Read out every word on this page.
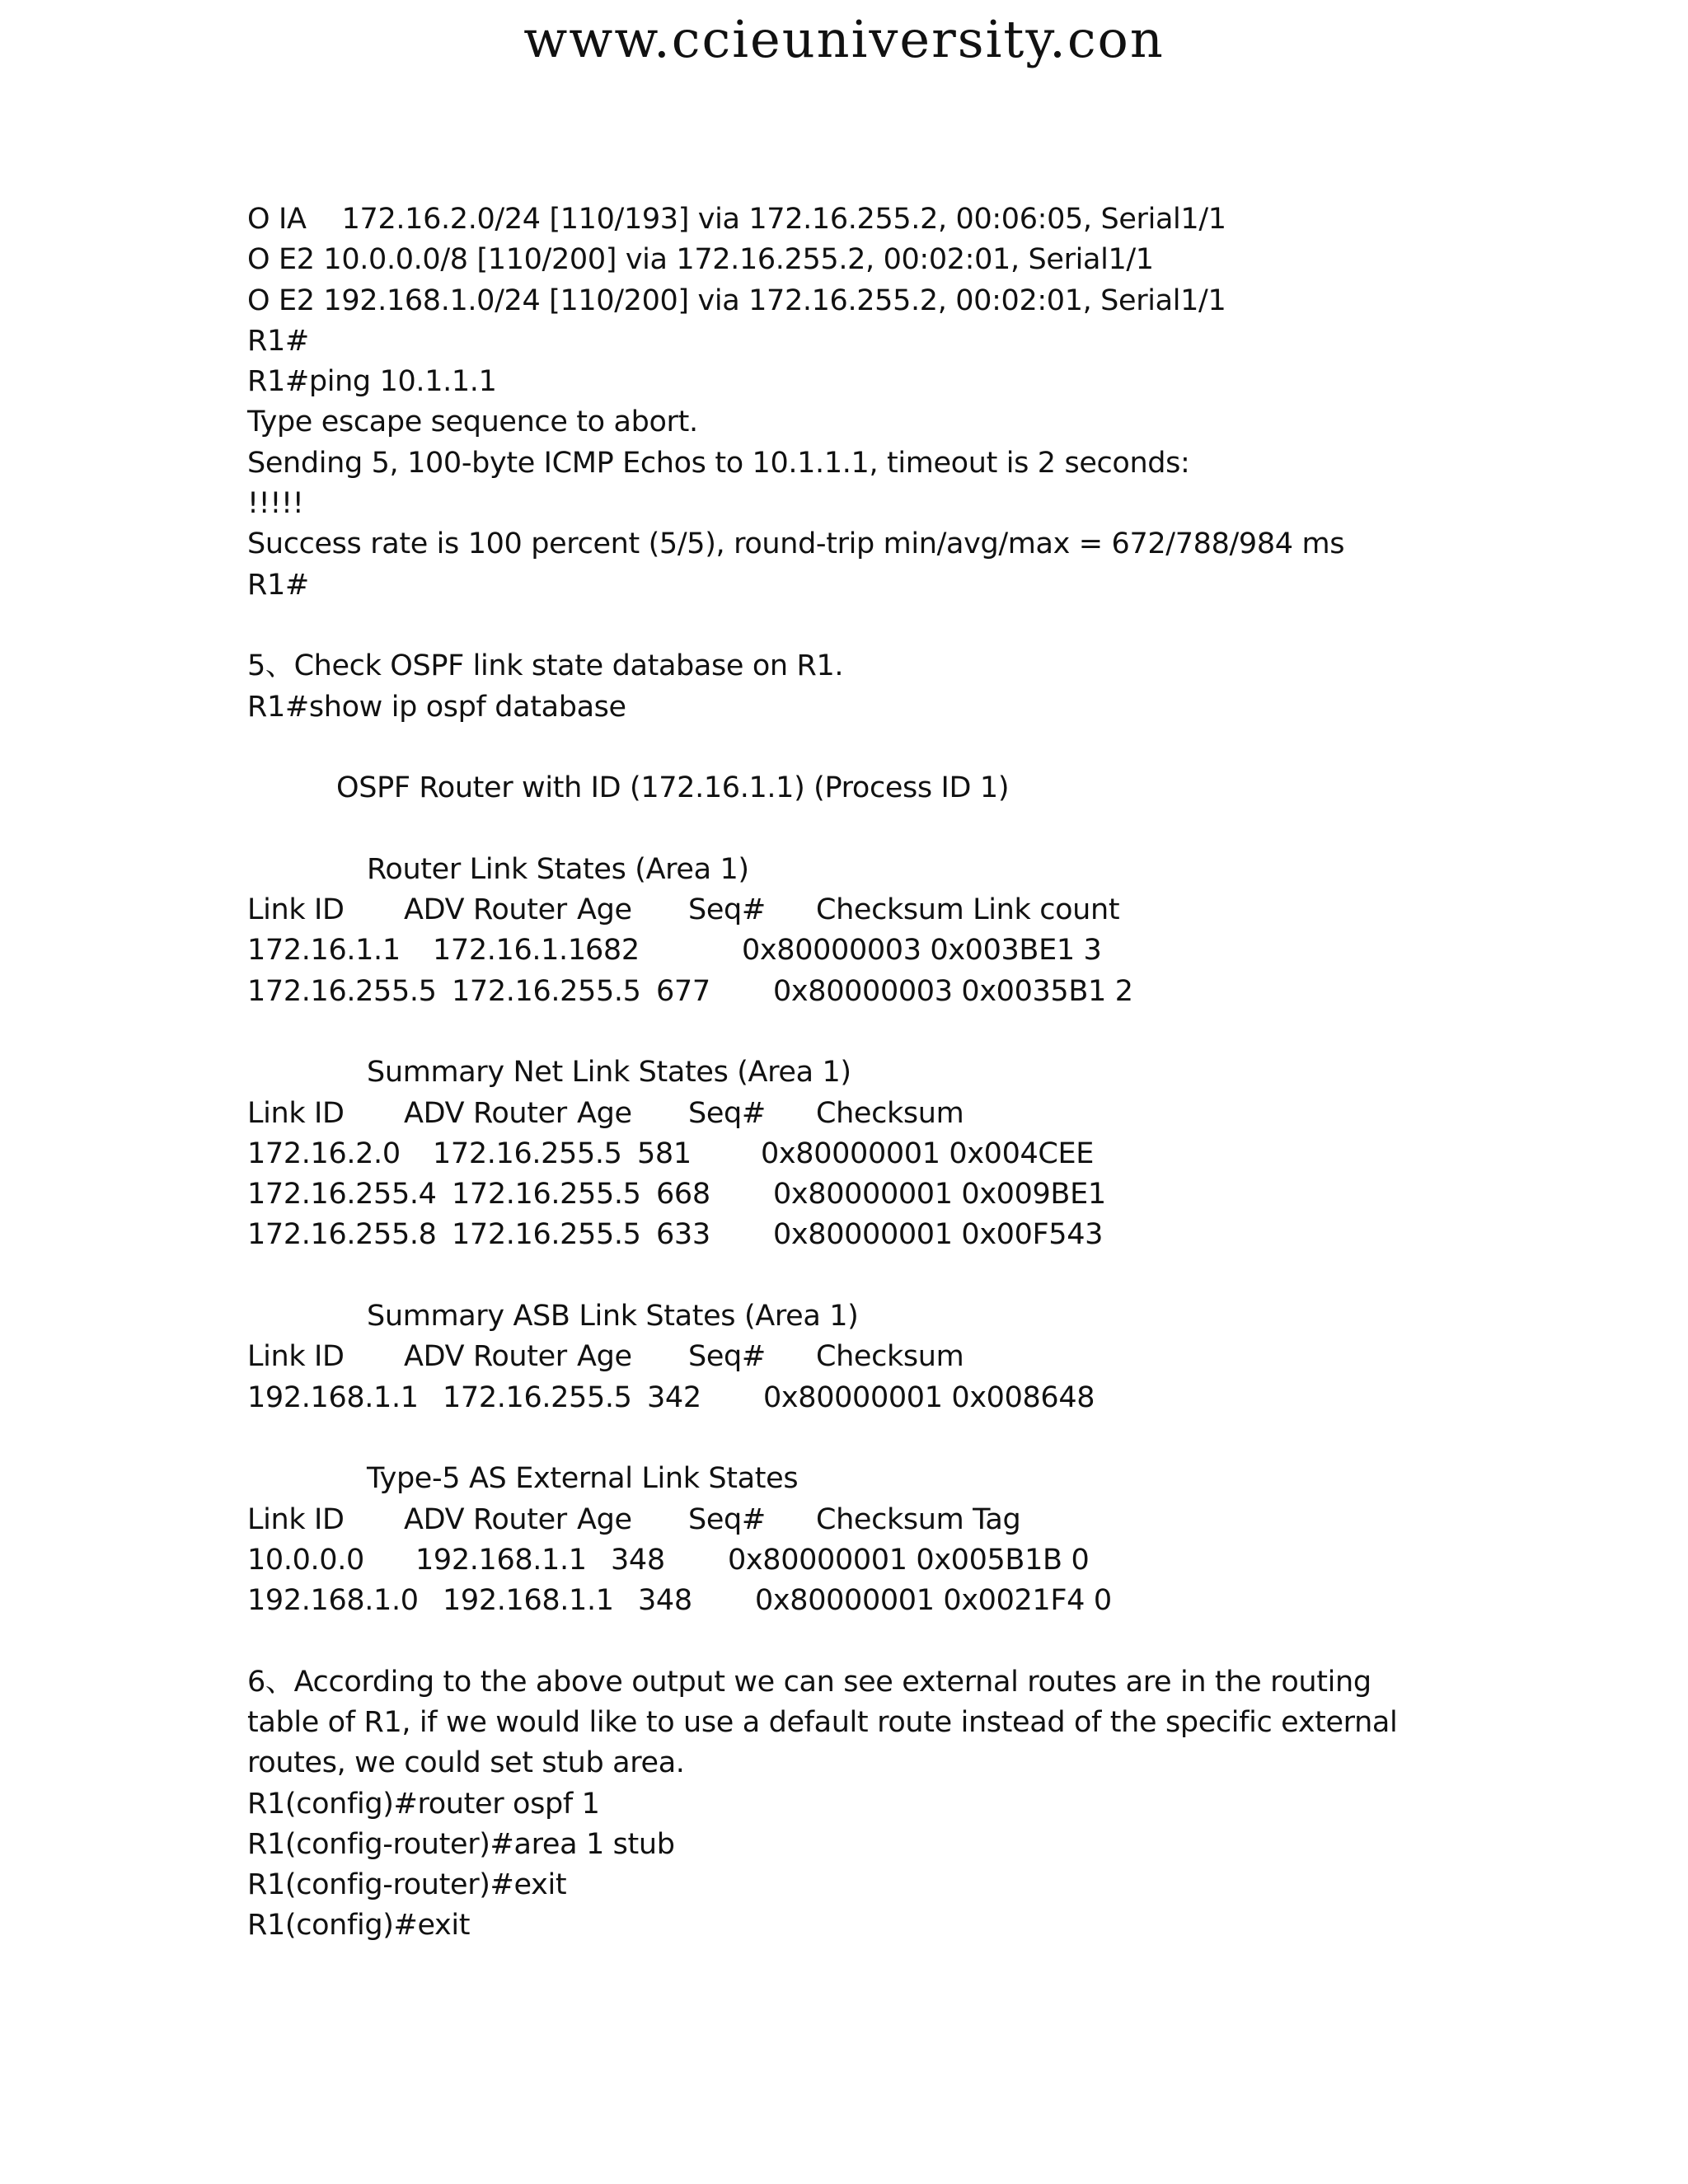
www.ccieuniversity.con
O IA    172.16.2.0/24 [110/193] via 172.16.255.2, 00:06:05, Serial1/1
O E2 10.0.0.0/8 [110/200] via 172.16.255.2, 00:02:01, Serial1/1
O E2 192.168.1.0/24 [110/200] via 172.16.255.2, 00:02:01, Serial1/1
R1#
R1#ping 10.1.1.1
Type escape sequence to abort.
Sending 5, 100-byte ICMP Echos to 10.1.1.1, timeout is 2 seconds:
!!!!!
Success rate is 100 percent (5/5), round-trip min/avg/max = 672/788/984 ms
R1#
5、Check OSPF link state database on R1.
R1#show ip ospf database
OSPF Router with ID (172.16.1.1) (Process ID 1)
Router Link States (Area 1)
Link ID	ADV Router Age	Seq#	Checksum Link count
172.16.1.1	172.16.1.1 682	0x80000003 0x003BE1 3
172.16.255.5 172.16.255.5 677	0x80000003 0x0035B1 2
Summary Net Link States (Area 1)
Link ID	ADV Router Age	Seq#	Checksum
172.16.2.0	172.16.255.5 581	0x80000001 0x004CEE
172.16.255.4 172.16.255.5 668	0x80000001 0x009BE1
172.16.255.8 172.16.255.5 633	0x80000001 0x00F543
Summary ASB Link States (Area 1)
Link ID	ADV Router Age	Seq#	Checksum
192.168.1.1 172.16.255.5 342	0x80000001 0x008648
Type-5 AS External Link States
Link ID	ADV Router Age	Seq#	Checksum Tag
10.0.0.0	192.168.1.1 348	0x80000001 0x005B1B 0
192.168.1.0 192.168.1.1 348	0x80000001 0x0021F4 0
6、According to the above output we can see external routes are in the routing table of R1, if we would like to use a default route instead of the specific external routes, we could set stub area.
R1(config)#router ospf 1
R1(config-router)#area 1 stub
R1(config-router)#exit
R1(config)#exit
